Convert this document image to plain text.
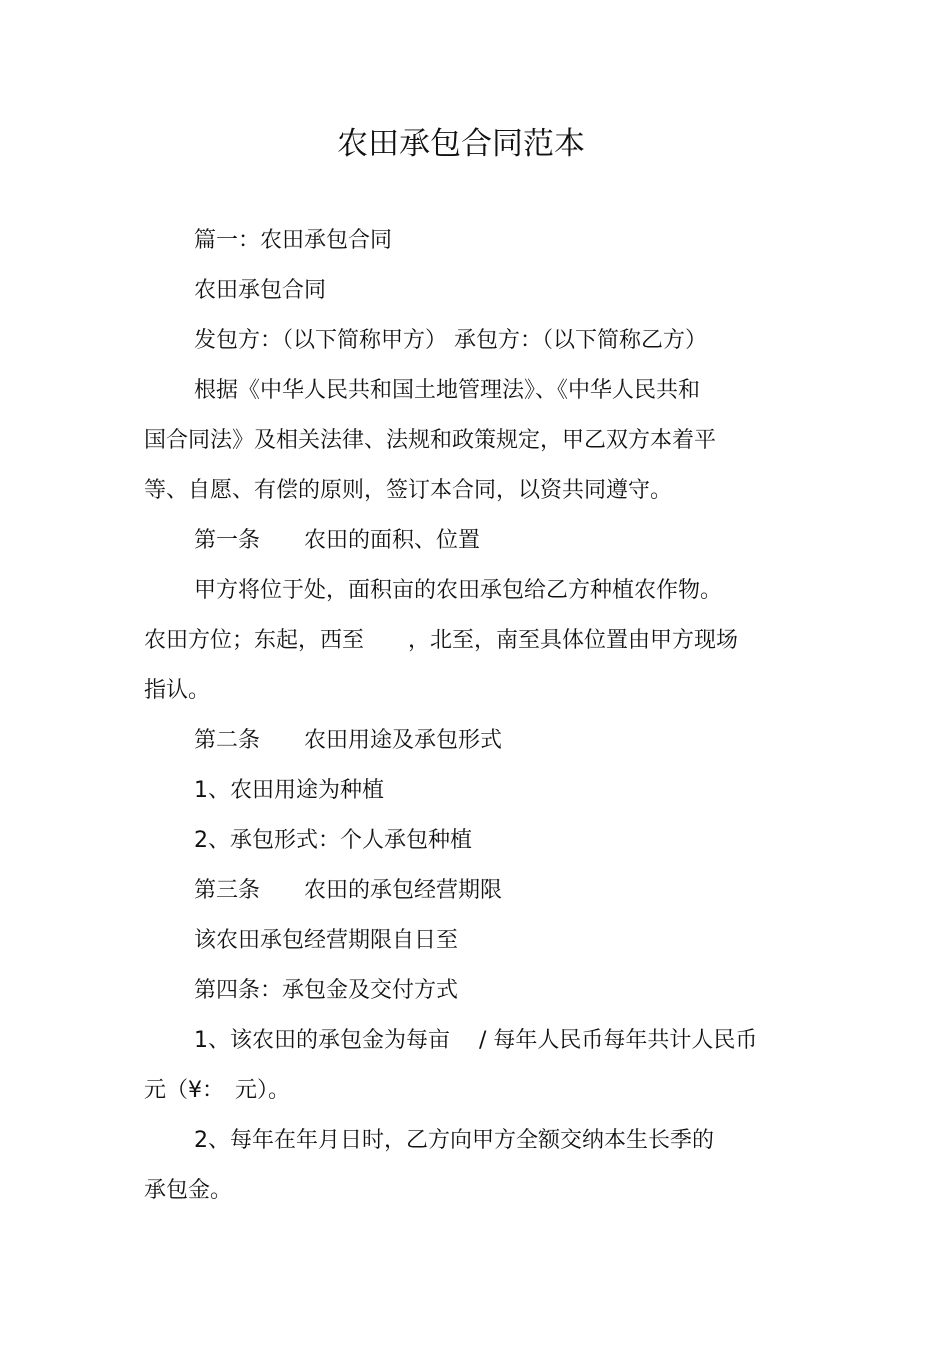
农田承包合同范本
篇一：农田承包合同
农田承包合同
发包方：（以下简称甲方） 承包方：（以下简称乙方）
根据《中华人民共和国土地管理法》、《中华人民共和
国合同法》及相关法律、法规和政策规定，甲乙双方本着平
等、自愿、有偿的原则，签订本合同，以资共同遵守。
第一条　　农田的面积、位置
甲方将位于处，面积亩的农田承包给乙方种植农作物。
农田方位；东起，西至　　，北至，南至具体位置由甲方现场
指认。
第二条　　农田用途及承包形式
1、农田用途为种植
2、承包形式：个人承包种植
第三条　　农田的承包经营期限
该农田承包经营期限自日至
第四条：承包金及交付方式
1、该农田的承包金为每亩　 / 每年人民币每年共计人民币
元（¥：　元）。
2、每年在年月日时，乙方向甲方全额交纳本生长季的
承包金。
